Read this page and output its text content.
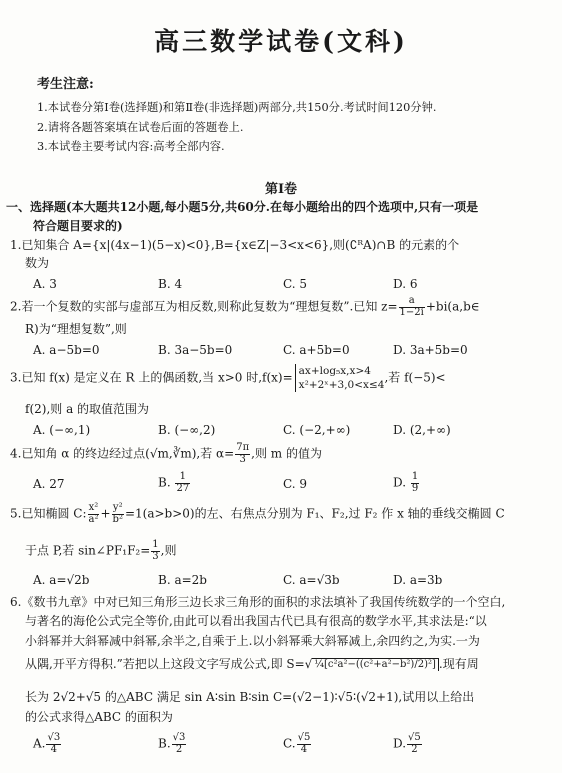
高三数学试卷(文科)
考生注意:
1.本试卷分第Ⅰ卷(选择题)和第Ⅱ卷(非选择题)两部分,共150分.考试时间120分钟.
2.请将各题答案填在试卷后面的答题卷上.
3.本试卷主要考试内容:高考全部内容.
第Ⅰ卷
一、选择题(本大题共12小题,每小题5分,共60分.在每小题给出的四个选项中,只有一项是
符合题目要求的)
1.已知集合 A={x|(4x−1)(5−x)<0},B={x∈Z|−3<x<6},则(∁ᴿA)∩B 的元素的个
数为
A. 3	B. 4	C. 5	D. 6
2.若一个复数的实部与虚部互为相反数,则称此复数为“理想复数”.已知 $z= \frac{a}{1-2i}$ +bi(a,b∈
R)为“理想复数”,则
A. a−5b=0	B. 3a−5b=0	C. a+5b=0	D. 3a+5b=0
3.已知 f(x) 是定义在 R 上的偶函数,当 x>0 时,f(x)= ax+log₅x,x>4
x²+2ˣ+3,0<x≤4
,若 f(−5)<
f(2),则 a 的取值范围为
A. (−∞,1)	B. (−∞,2)	C. (−2,+∞)	D. (2,+∞)
4.已知角 α 的终边经过点(√m,∛m),若 $\alpha= \frac{7\pi}{3}$ ,则 m 的值为
A. 27	B. $\frac{1}{27}$	C. 9	D. $\frac{1}{9}$
5.已知椭圆 C: $\frac{\text{x²}}{\text{a²}} + \frac{\text{y²}}{\text{b²}} =1(a>b>0)$的左、右焦点分别为 F₁、F₂,过 F₂ 作 x 轴的垂线交椭圆 C
于点 P,若 sin∠PF₁F₂= $\frac{1}{3}$ ,则
A. a=√2b	B. a=2b	C. a=√3b	D. a=3b
6.《数书九章》中对已知三角形三边长求三角形的面积的求法填补了我国传统数学的一个空白,
与著名的海伦公式完全等价,由此可以看出我国古代已具有很高的数学水平,其求法是:“以
小斜幂并大斜幂减中斜幂,余半之,自乘于上.以小斜幂乘大斜幂减上,余四约之,为实.一为
从隅,开平方得积.”若把以上这段文字写成公式,即 S=√ ¼[c²a²−((c²+a²−b²)/2)²] .现有周
长为 2√2+√5 的△ABC 满足 sin A∶sin B∶sin C=(√2−1)∶√5∶(√2+1),试用以上给出
的公式求得△ABC 的面积为
A. $\frac{√3}{4}$	B. $\frac{√3}{2}$	C. $\frac{√5}{4}$	D. $\frac{√5}{2}$
